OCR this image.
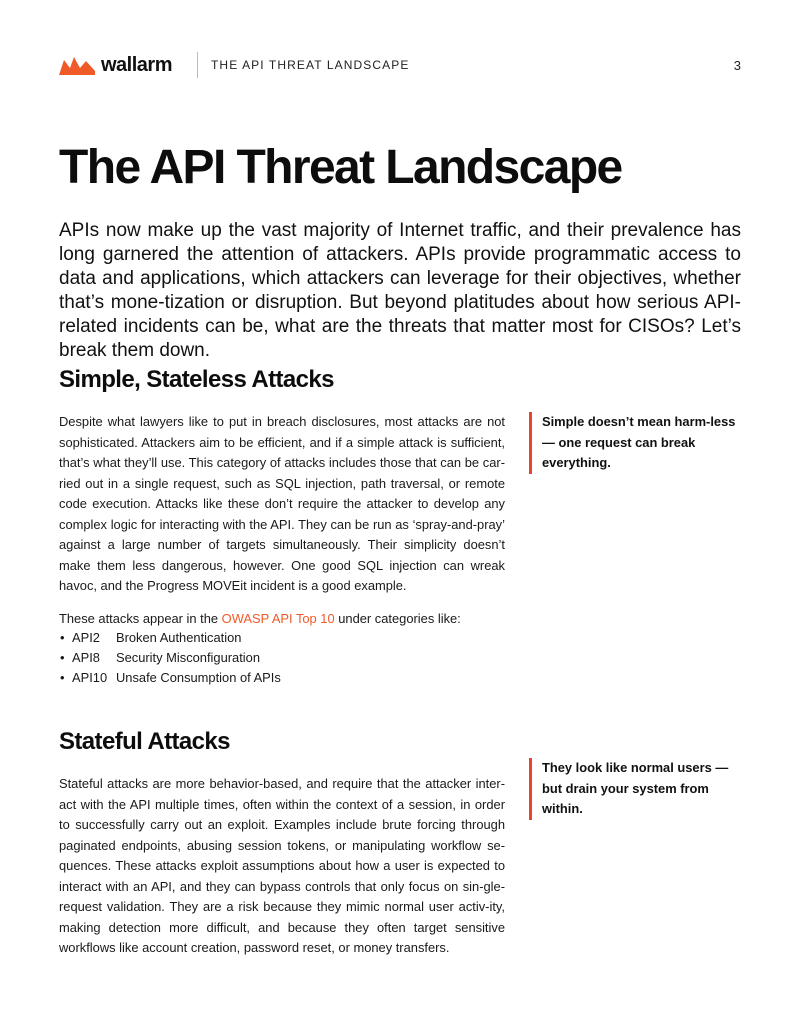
wallarm	THE API THREAT LANDSCAPE	3
The API Threat Landscape

APIs now make up the vast majority of Internet traffic, and their prevalence has long garnered the attention of attackers. APIs provide programmatic access to data and applications, which attackers can leverage for their objectives, whether that’s mone-tization or disruption. But beyond platitudes about how serious API-related incidents can be, what are the threats that matter most for CISOs? Let’s break them down.

Simple, Stateless Attacks

Despite what lawyers like to put in breach disclosures, most attacks are not sophisticated. Attackers aim to be efficient, and if a simple attack is sufficient, that’s what they’ll use. This category of attacks includes those that can be car-ried out in a single request, such as SQL injection, path traversal, or remote code execution. Attacks like these don’t require the attacker to develop any complex logic for interacting with the API. They can be run as ‘spray-and-pray’ against a large number of targets simultaneously. Their simplicity doesn’t make them less dangerous, however. One good SQL injection can wreak havoc, and the Progress MOVEit incident is a good example.

Simple doesn’t mean harm-less — one request can break everything.

These attacks appear in the OWASP API Top 10 under categories like:

• API2 Broken Authentication
• API8 Security Misconfiguration
• API10 Unsafe Consumption of APIs
Stateful Attacks

Stateful attacks are more behavior-based, and require that the attacker inter-act with the API multiple times, often within the context of a session, in order to successfully carry out an exploit. Examples include brute forcing through paginated endpoints, abusing session tokens, or manipulating workflow se-quences. These attacks exploit assumptions about how a user is expected to interact with an API, and they can bypass controls that only focus on sin-gle-request validation. They are a risk because they mimic normal user activ-ity, making detection more difficult, and because they often target sensitive workflows like account creation, password reset, or money transfers.

They look like normal users — but drain your system from within.
